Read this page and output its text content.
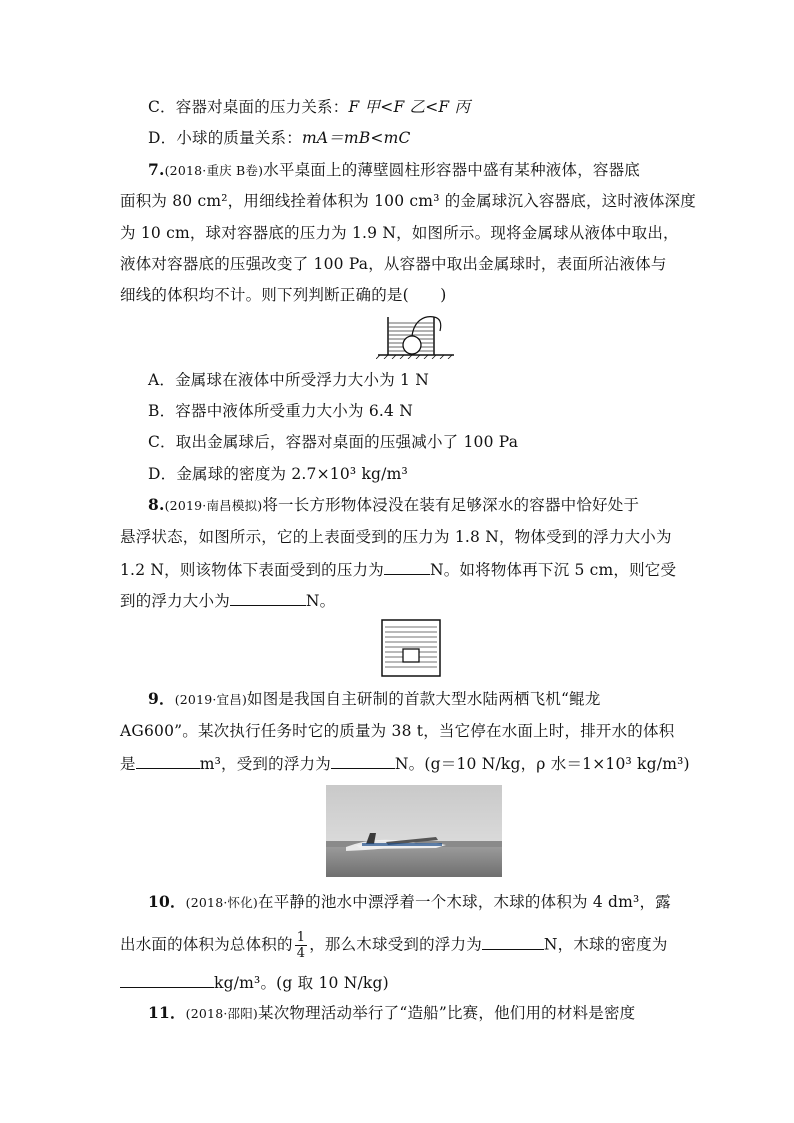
C．容器对桌面的压力关系：F 甲<F 乙<F 丙
D．小球的质量关系：mA＝mB<mC
7.(2018·重庆 B卷)水平桌面上的薄壁圆柱形容器中盛有某种液体，容器底
面积为 80 cm²，用细线拴着体积为 100 cm³ 的金属球沉入容器底，这时液体深度
为 10 cm，球对容器底的压力为 1.9 N，如图所示。现将金属球从液体中取出，
液体对容器底的压强改变了 100 Pa，从容器中取出金属球时，表面所沾液体与
细线的体积均不计。则下列判断正确的是(　　)
A．金属球在液体中所受浮力大小为 1 N
B．容器中液体所受重力大小为 6.4 N
C．取出金属球后，容器对桌面的压强减小了 100 Pa
D．金属球的密度为 2.7×10³ kg/m³
8.(2019·南昌模拟)将一长方形物体浸没在装有足够深水的容器中恰好处于
悬浮状态，如图所示，它的上表面受到的压力为 1.8 N，物体受到的浮力大小为
1.2 N，则该物体下表面受到的压力为	N。如将物体再下沉 5 cm，则它受
到的浮力大小为	N。
9．(2019·宜昌)如图是我国自主研制的首款大型水陆两栖飞机“鲲龙
AG600”。某次执行任务时它的质量为 38 t，当它停在水面上时，排开水的体积
是	m³，受到的浮力为	N。(g＝10 N/kg，ρ 水＝1×10³ kg/m³)
10．(2018·怀化)在平静的池水中漂浮着一个木球，木球的体积为 4 dm³，露
出水面的体积为总体积的 $\frac{1}{4}$ ，那么木球受到的浮力为	N，木球的密度为
kg/m³。(g 取 10 N/kg)
11．(2018·邵阳)某次物理活动举行了“造船”比赛，他们用的材料是密度
